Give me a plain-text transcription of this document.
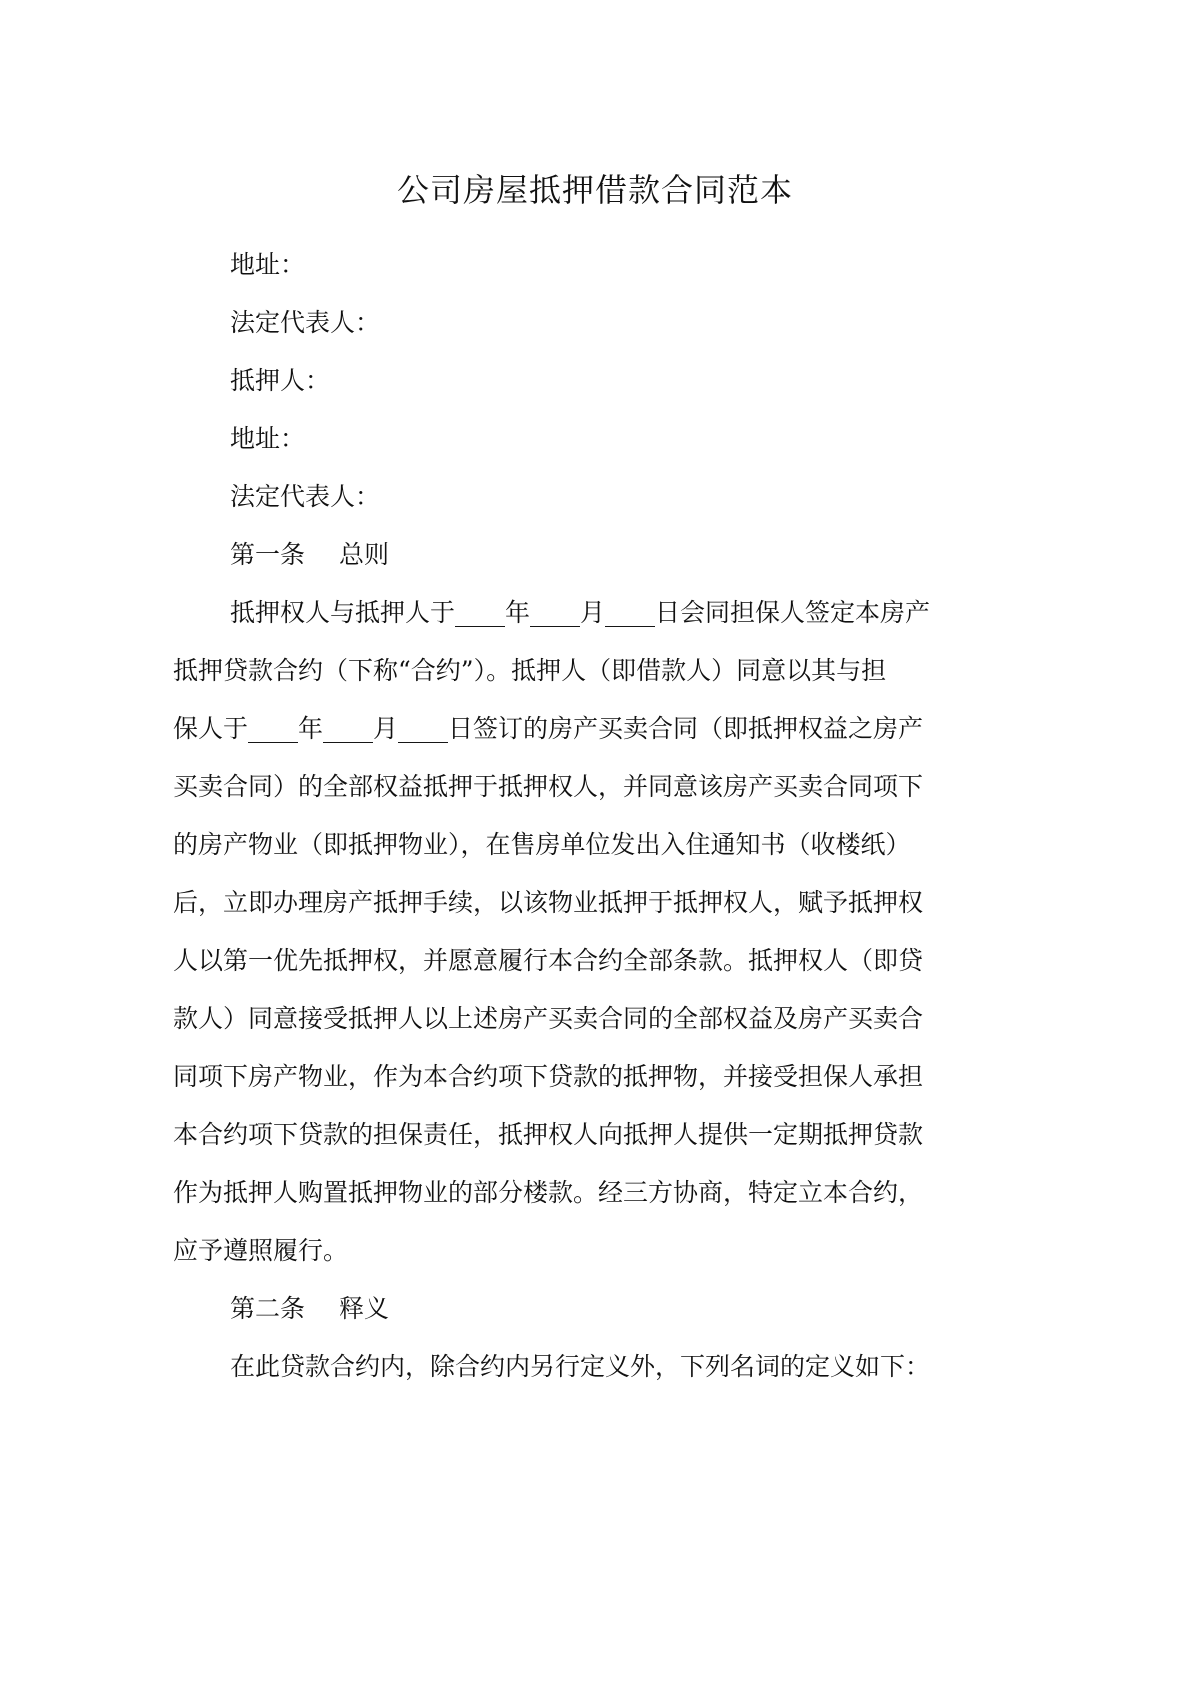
公司房屋抵押借款合同范本

地址：

法定代表人：

抵押人：

地址：

法定代表人：

第一条 总则

抵押权人与抵押人于____年____月____日会同担保人签定本房产

抵押贷款合约（下称“合约”）。抵押人（即借款人）同意以其与担

保人于____年____月____日签订的房产买卖合同（即抵押权益之房产

买卖合同）的全部权益抵押于抵押权人，并同意该房产买卖合同项下

的房产物业（即抵押物业），在售房单位发出入住通知书（收楼纸）

后，立即办理房产抵押手续，以该物业抵押于抵押权人，赋予抵押权

人以第一优先抵押权，并愿意履行本合约全部条款。抵押权人（即贷

款人）同意接受抵押人以上述房产买卖合同的全部权益及房产买卖合

同项下房产物业，作为本合约项下贷款的抵押物，并接受担保人承担

本合约项下贷款的担保责任，抵押权人向抵押人提供一定期抵押贷款

作为抵押人购置抵押物业的部分楼款。经三方协商，特定立本合约，

应予遵照履行。

第二条 释义

在此贷款合约内，除合约内另行定义外，下列名词的定义如下：
